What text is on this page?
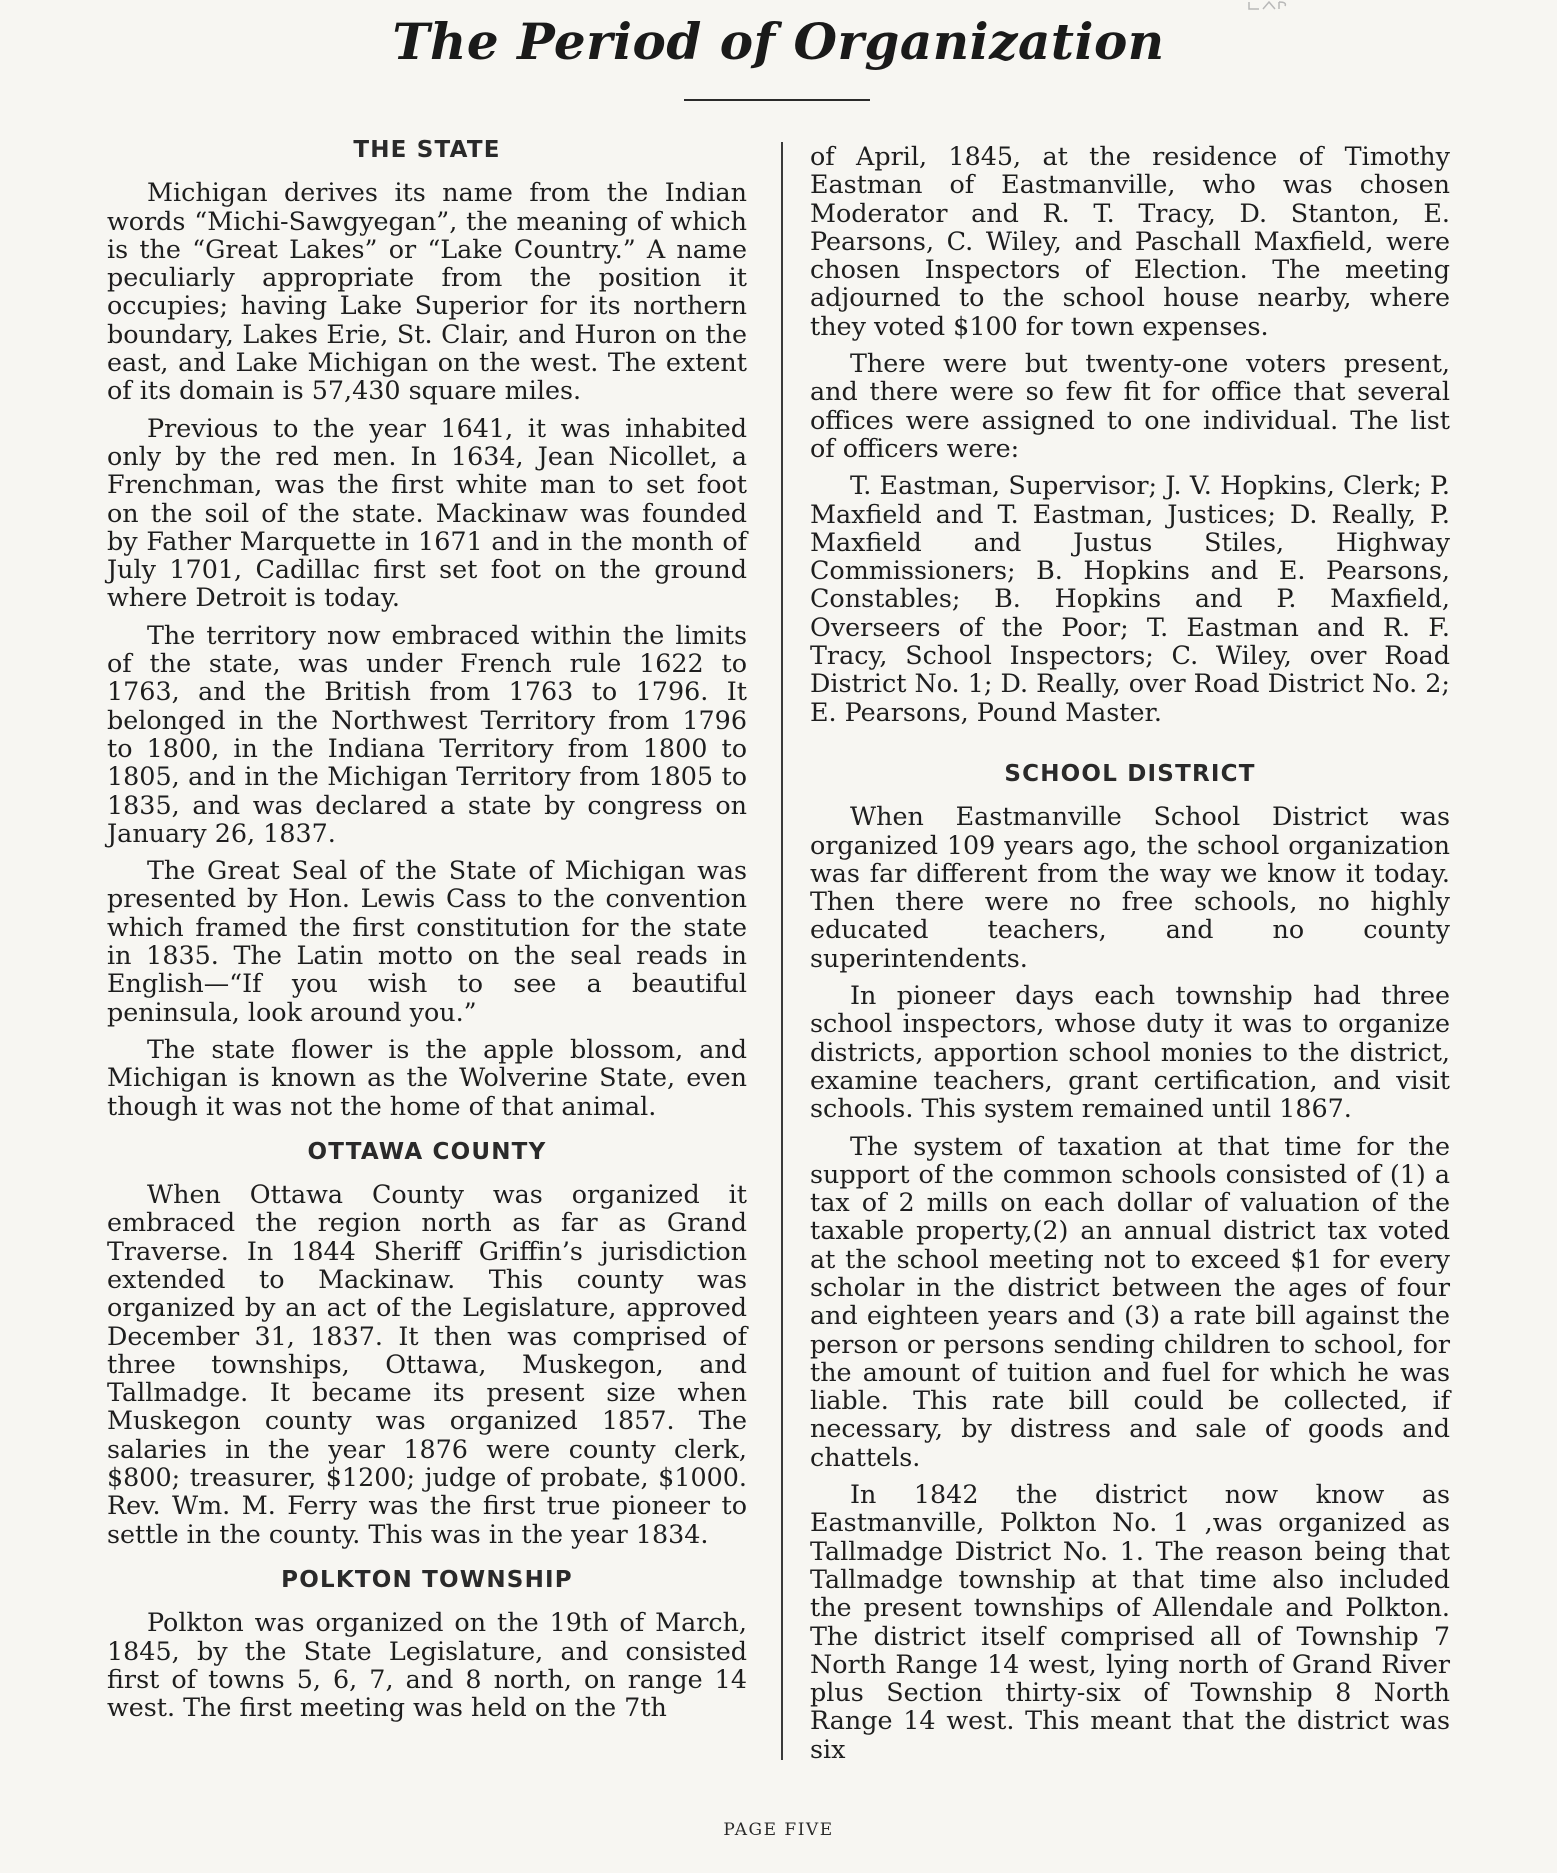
The Period of Organization
THE STATE

Michigan derives its name from the Indian words “Michi-Sawgyegan”, the meaning of which is the “Great Lakes” or “Lake Country.” A name peculiarly appropriate from the position it occupies; having Lake Superior for its northern boundary, Lakes Erie, St. Clair, and Huron on the east, and Lake Michigan on the west. The extent of its domain is 57,430 square miles.

Previous to the year 1641, it was inhabited only by the red men. In 1634, Jean Nicollet, a Frenchman, was the first white man to set foot on the soil of the state. Mackinaw was founded by Father Marquette in 1671 and in the month of July 1701, Cadillac first set foot on the ground where Detroit is today.

The territory now embraced within the limits of the state, was under French rule 1622 to 1763, and the British from 1763 to 1796. It belonged in the Northwest Territory from 1796 to 1800, in the Indiana Territory from 1800 to 1805, and in the Michigan Territory from 1805 to 1835, and was declared a state by congress on January 26, 1837.

The Great Seal of the State of Michigan was presented by Hon. Lewis Cass to the convention which framed the first constitution for the state in 1835. The Latin motto on the seal reads in English—“If you wish to see a beautiful peninsula, look around you.”

The state flower is the apple blossom, and Michigan is known as the Wolverine State, even though it was not the home of that animal.

OTTAWA COUNTY

When Ottawa County was organized it embraced the region north as far as Grand Traverse. In 1844 Sheriff Griffin’s jurisdiction extended to Mackinaw. This county was organized by an act of the Legislature, approved December 31, 1837. It then was comprised of three townships, Ottawa, Muskegon, and Tallmadge. It became its present size when Muskegon county was organized 1857. The salaries in the year 1876 were county clerk, $800; treasurer, $1200; judge of probate, $1000. Rev. Wm. M. Ferry was the first true pioneer to settle in the county. This was in the year 1834.

POLKTON TOWNSHIP

Polkton was organized on the 19th of March, 1845, by the State Legislature, and consisted first of towns 5, 6, 7, and 8 north, on range 14 west. The first meeting was held on the 7th

of April, 1845, at the residence of Timothy Eastman of Eastmanville, who was chosen Moderator and R. T. Tracy, D. Stanton, E. Pearsons, C. Wiley, and Paschall Maxfield, were chosen Inspectors of Election. The meeting adjourned to the school house nearby, where they voted $100 for town expenses.

There were but twenty-one voters present, and there were so few fit for office that several offices were assigned to one individual. The list of officers were:

T. Eastman, Supervisor; J. V. Hopkins, Clerk; P. Maxfield and T. Eastman, Justices; D. Really, P. Maxfield and Justus Stiles, Highway Commissioners; B. Hopkins and E. Pearsons, Constables; B. Hopkins and P. Maxfield, Overseers of the Poor; T. Eastman and R. F. Tracy, School Inspectors; C. Wiley, over Road District No. 1; D. Really, over Road District No. 2; E. Pearsons, Pound Master.

SCHOOL DISTRICT

When Eastmanville School District was organized 109 years ago, the school organization was far different from the way we know it today. Then there were no free schools, no highly educated teachers, and no county superintendents.

In pioneer days each township had three school inspectors, whose duty it was to organize districts, apportion school monies to the district, examine teachers, grant certification, and visit schools. This system remained until 1867.

The system of taxation at that time for the support of the common schools consisted of (1) a tax of 2 mills on each dollar of valuation of the taxable property,(2) an annual district tax voted at the school meeting not to exceed $1 for every scholar in the district between the ages of four and eighteen years and (3) a rate bill against the person or persons sending children to school, for the amount of tuition and fuel for which he was liable. This rate bill could be collected, if necessary, by distress and sale of goods and chattels.

In 1842 the district now know as Eastmanville, Polkton No. 1 ,was organized as Tallmadge District No. 1. The reason being that Tallmadge township at that time also included the present townships of Allendale and Polkton. The district itself comprised all of Township 7 North Range 14 west, lying north of Grand River plus Section thirty-six of Township 8 North Range 14 west. This meant that the district was six

PAGE FIVE
